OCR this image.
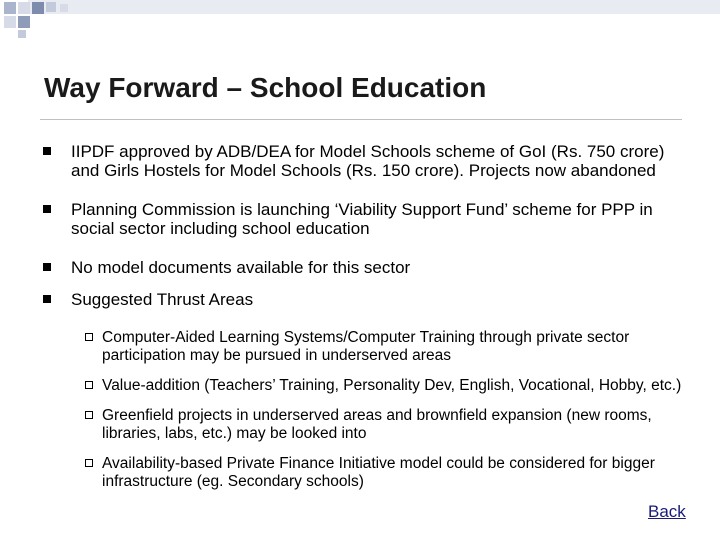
Way Forward – School Education
IIPDF approved by ADB/DEA for Model Schools scheme of GoI (Rs. 750 crore) and Girls Hostels for Model Schools (Rs. 150 crore). Projects now abandoned
Planning Commission is launching ‘Viability Support Fund’ scheme for PPP in social sector including school education
No model documents available for this sector
Suggested Thrust Areas
Computer-Aided Learning Systems/Computer Training through private sector participation may be pursued in underserved areas
Value-addition (Teachers’ Training, Personality Dev, English, Vocational, Hobby, etc.)
Greenfield projects in underserved areas and brownfield expansion (new rooms, libraries, labs, etc.) may be looked into
Availability-based Private Finance Initiative model could be considered for bigger infrastructure (eg. Secondary schools)
Back
